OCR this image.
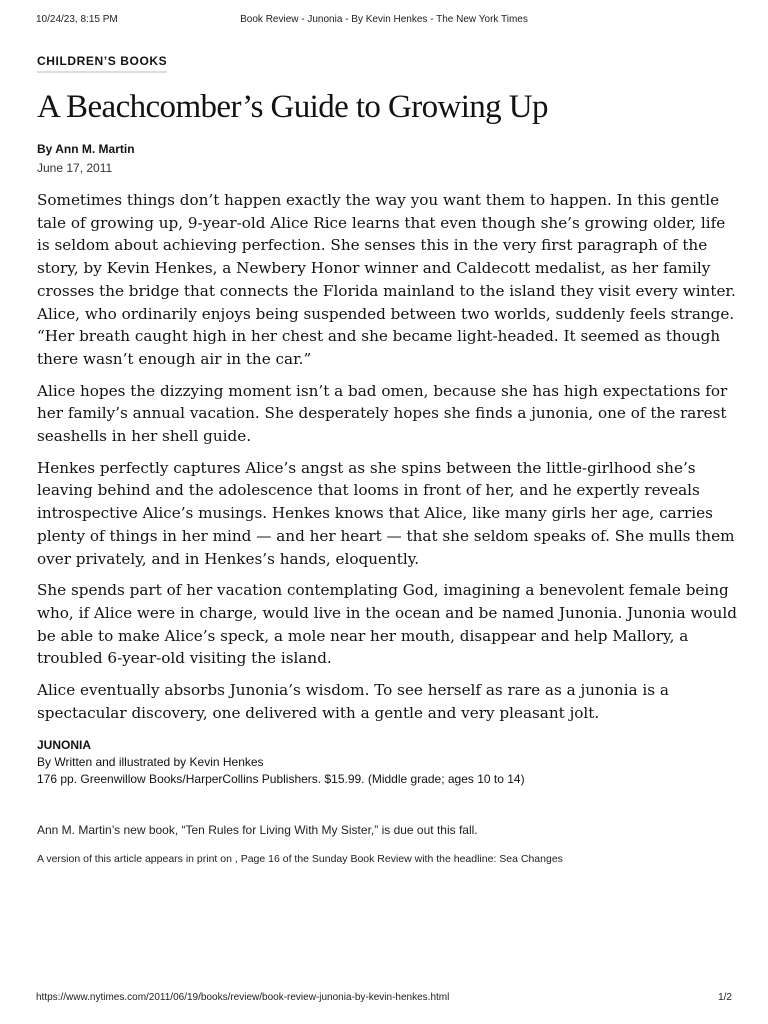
10/24/23, 8:15 PM	Book Review - Junonia - By Kevin Henkes - The New York Times
CHILDREN’S BOOKS
A Beachcomber’s Guide to Growing Up

By Ann M. Martin

June 17, 2011

Sometimes things don’t happen exactly the way you want them to happen. In this gentle tale of growing up, 9-year-old Alice Rice learns that even though she’s growing older, life is seldom about achieving perfection. She senses this in the very first paragraph of the story, by Kevin Henkes, a Newbery Honor winner and Caldecott medalist, as her family crosses the bridge that connects the Florida mainland to the island they visit every winter. Alice, who ordinarily enjoys being suspended between two worlds, suddenly feels strange. “Her breath caught high in her chest and she became light-headed. It seemed as though there wasn’t enough air in the car.”

Alice hopes the dizzying moment isn’t a bad omen, because she has high expectations for her family’s annual vacation. She desperately hopes she finds a junonia, one of the rarest seashells in her shell guide.

Henkes perfectly captures Alice’s angst as she spins between the little-girlhood she’s leaving behind and the adolescence that looms in front of her, and he expertly reveals introspective Alice’s musings. Henkes knows that Alice, like many girls her age, carries plenty of things in her mind — and her heart — that she seldom speaks of. She mulls them over privately, and in Henkes’s hands, eloquently.

She spends part of her vacation contemplating God, imagining a benevolent female being who, if Alice were in charge, would live in the ocean and be named Junonia. Junonia would be able to make Alice’s speck, a mole near her mouth, disappear and help Mallory, a troubled 6-year-old visiting the island.

Alice eventually absorbs Junonia’s wisdom. To see herself as rare as a junonia is a spectacular discovery, one delivered with a gentle and very pleasant jolt.

JUNONIA
By Written and illustrated by Kevin Henkes
176 pp. Greenwillow Books/HarperCollins Publishers. $15.99. (Middle grade; ages 10 to 14)
Ann M. Martin’s new book, “Ten Rules for Living With My Sister,” is due out this fall.
A version of this article appears in print on , Page 16 of the Sunday Book Review with the headline: Sea Changes
https://www.nytimes.com/2011/06/19/books/review/book-review-junonia-by-kevin-henkes.html	1/2
